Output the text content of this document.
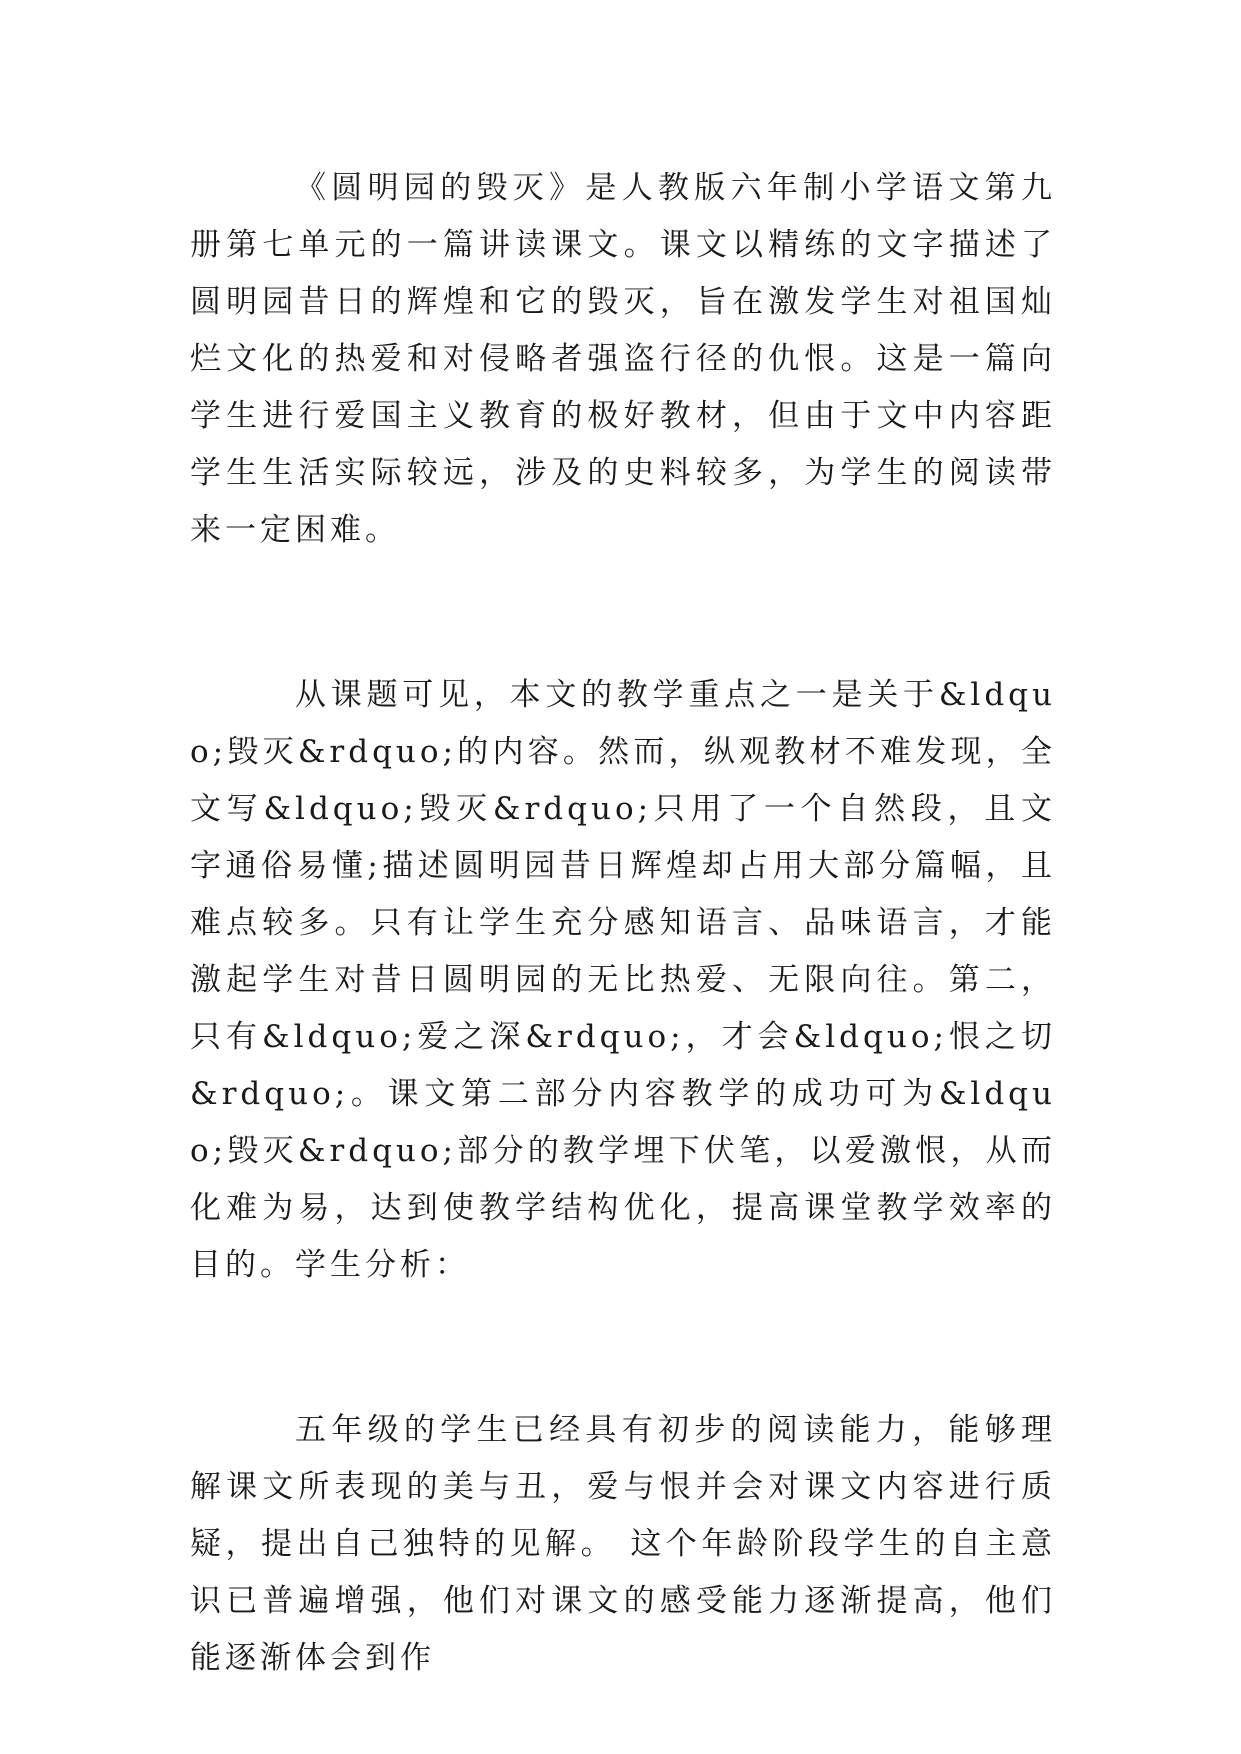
《圆明园的毁灭》是人教版六年制小学语文第九册第七单元的一篇讲读课文。课文以精练的文字描述了圆明园昔日的辉煌和它的毁灭，旨在激发学生对祖国灿烂文化的热爱和对侵略者强盗行径的仇恨。这是一篇向学生进行爱国主义教育的极好教材，但由于文中内容距学生生活实际较远，涉及的史料较多，为学生的阅读带来一定困难。

从课题可见，本文的教学重点之一是关于&ldquo;毁灭&rdquo;的内容。然而，纵观教材不难发现，全文写&ldquo;毁灭&rdquo;只用了一个自然段，且文字通俗易懂;描述圆明园昔日辉煌却占用大部分篇幅，且难点较多。只有让学生充分感知语言、品味语言，才能激起学生对昔日圆明园的无比热爱、无限向往。第二，只有&ldquo;爱之深&rdquo;，才会&ldquo;恨之切&rdquo;。课文第二部分内容教学的成功可为&ldquo;毁灭&rdquo;部分的教学埋下伏笔，以爱激恨，从而化难为易，达到使教学结构优化，提高课堂教学效率的目的。学生分析：

五年级的学生已经具有初步的阅读能力，能够理解课文所表现的美与丑，爱与恨并会对课文内容进行质疑，提出自己独特的见解。 这个年龄阶段学生的自主意识已普遍增强，他们对课文的感受能力逐渐提高，他们能逐渐体会到作
